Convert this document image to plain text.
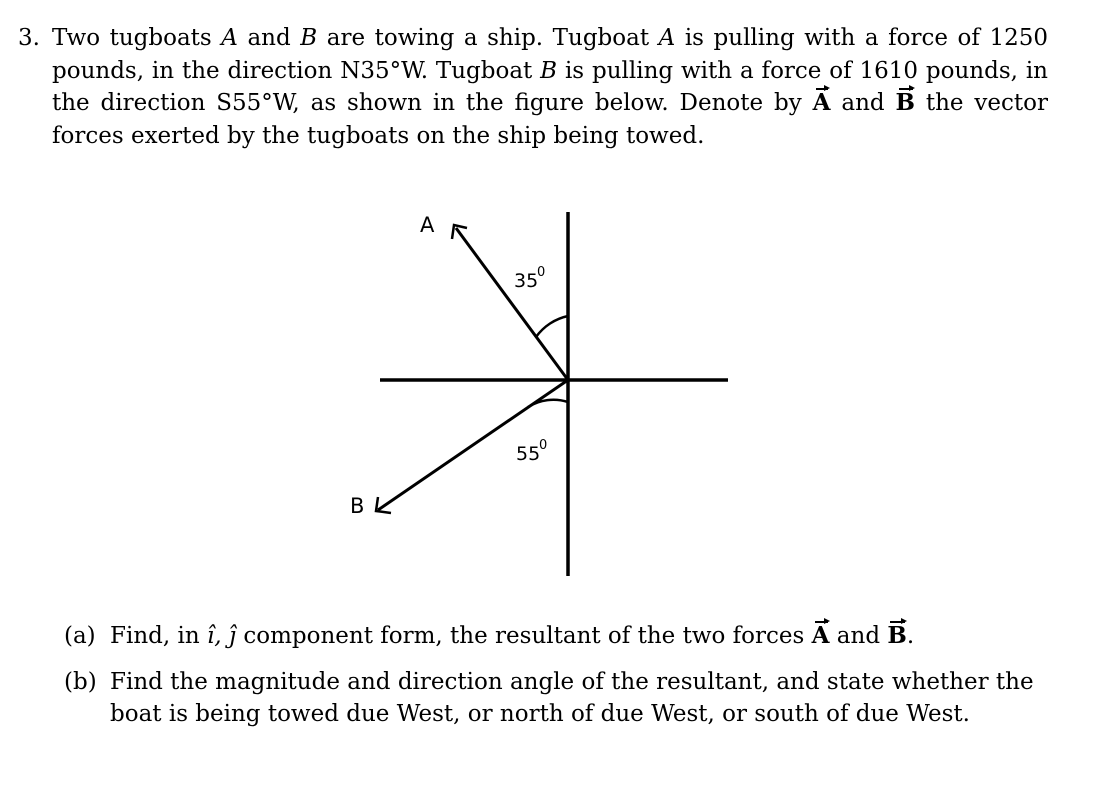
3. Two tugboats A and B are towing a ship. Tugboat A is pulling with a force of 1250 pounds, in the direction N35°W. Tugboat B is pulling with a force of 1610 pounds, in the direction S55°W, as shown in the figure below. Denote by A and B the vector forces exerted by the tugboats on the ship being towed.
A
B
35
0
55
0
(a) Find, in ı̂, ȷ̂ component form, the resultant of the two forces A and B.
(b) Find the magnitude and direction angle of the resultant, and state whether the boat is being towed due West, or north of due West, or south of due West.
